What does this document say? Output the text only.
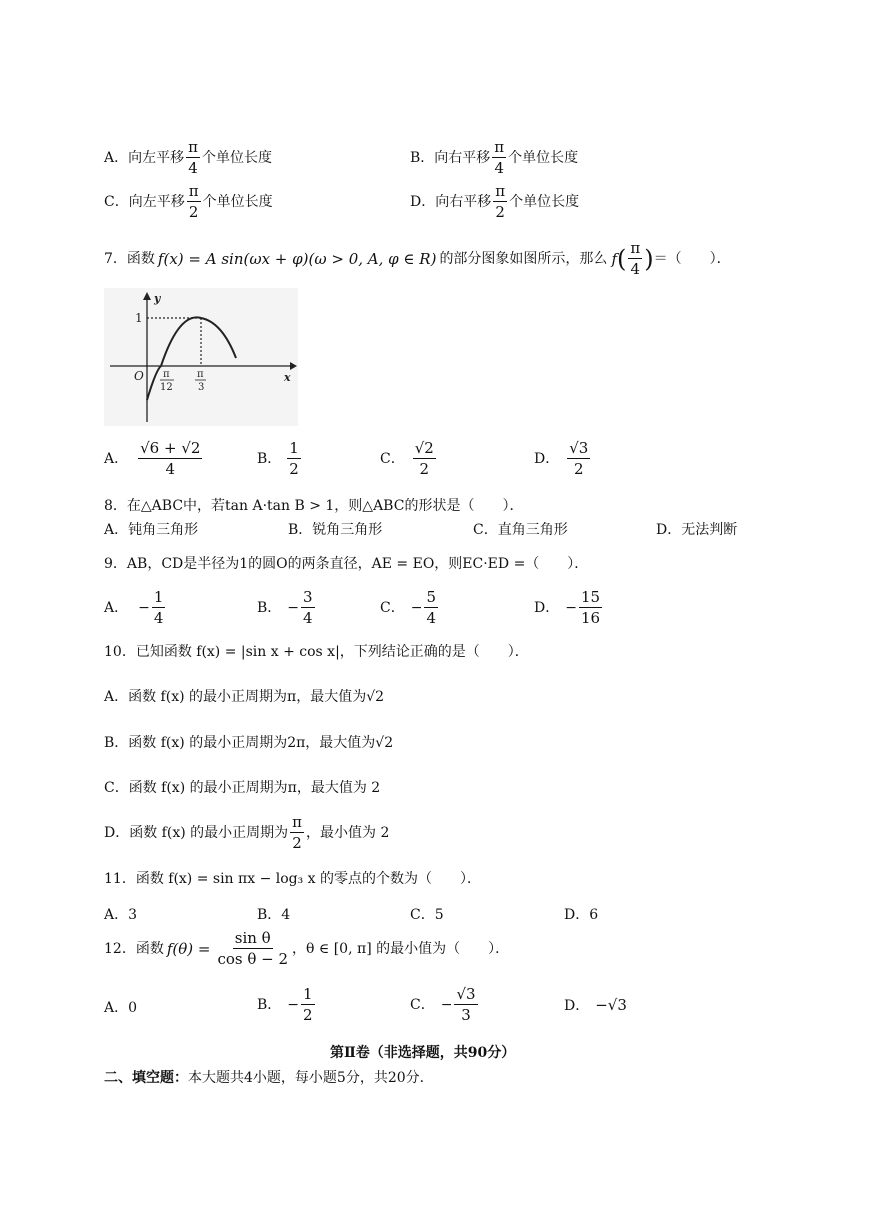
A． 向左平移 $\frac{\pi}{4}$ 个单位长度	B． 向右平移 $\frac{\pi}{4}$ 个单位长度
C． 向左平移 $\frac{\pi}{2}$ 个单位长度	D． 向右平移 $\frac{\pi}{2}$ 个单位长度
7．函数 f(x) = A sin(ωx + φ)(ω > 0, A, φ ∈ R) 的部分图象如图所示，那么 f ( $\frac{\pi}{4}$ ) ＝（　　）．
y
x
O
1
π
12
π
3
A． $\frac{√6 + √2}{4}$	B． $\frac{1}{2}$	C． $\frac{√2}{2}$	D． $\frac{√3}{2}$
8．在△ABC中，若tan A·tan B > 1，则△ABC的形状是（　　）．
A．钝角三角形	B．锐角三角形	C．直角三角形	D．无法判断
9．AB，CD是半径为1的圆O的两条直径，AE = EO，则EC·ED =（　　）．
A． − $\frac{1}{4}$	B． − $\frac{3}{4}$	C． − $\frac{5}{4}$	D． − $\frac{15}{16}$
10．已知函数 f(x) = |sin x + cos x|，下列结论正确的是（　　）．
A．函数 f(x) 的最小正周期为π，最大值为√2
B．函数 f(x) 的最小正周期为2π，最大值为√2
C．函数 f(x) 的最小正周期为π，最大值为 2
D．函数 f(x) 的最小正周期为 $\frac{\pi}{2}$ ，最小值为 2
11．函数 f(x) = sin πx − log₃ x 的零点的个数为（　　）．
A．3	B．4	C．5	D．6
12．函数 $f(\theta) = \frac{\text{sin θ}}{\text{cos θ − 2}}$ ，θ ∈ [0, π] 的最小值为（　　）．
A．0	B． − $\frac{1}{2}$	C． − $\frac{√3}{3}$	D． −√3
第Ⅱ卷（非选择题，共90分）
二、填空题：本大题共4小题，每小题5分，共20分．
